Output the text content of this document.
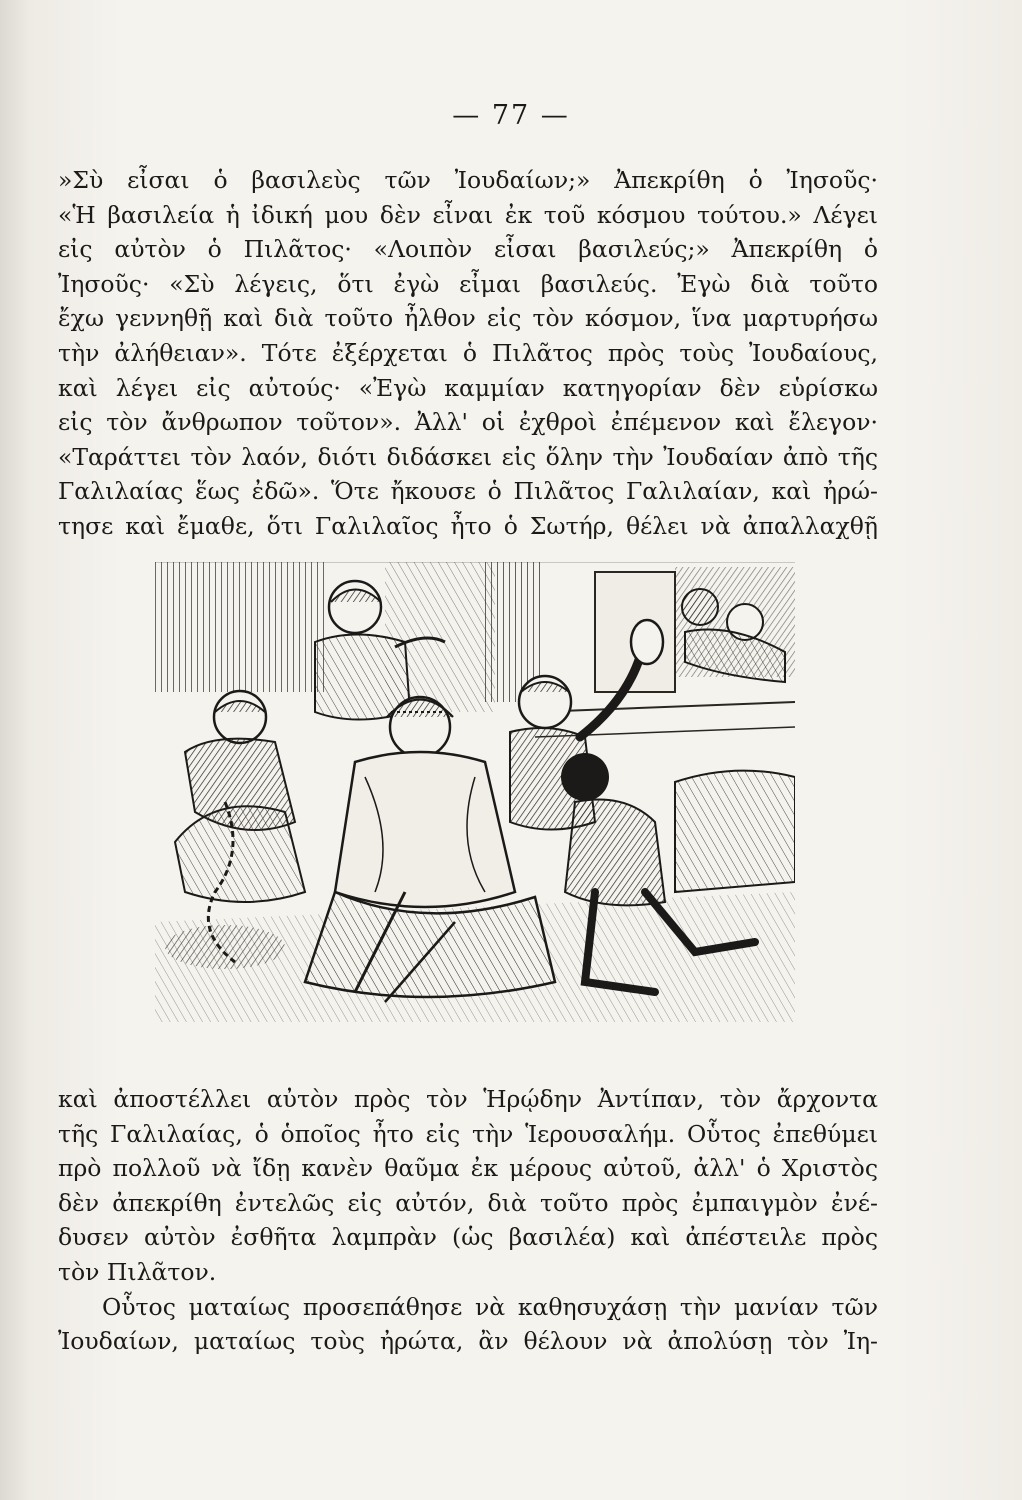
— 77 —
»Σὺ εἶσαι ὁ βασιλεὺς τῶν Ἰουδαίων;» Ἀπεκρίθη ὁ Ἰησοῦς·
«Ἡ βασιλεία ἡ ἰδική μου δὲν εἶναι ἐκ τοῦ κόσμου τούτου.» Λέγει
εἰς αὐτὸν ὁ Πιλᾶτος· «Λοιπὸν εἶσαι βασιλεύς;» Ἀπεκρίθη ὁ
Ἰησοῦς· «Σὺ λέγεις, ὅτι ἐγὼ εἶμαι βασιλεύς. Ἐγὼ διὰ τοῦτο
ἔχω γεννηθῇ καὶ διὰ τοῦτο ἦλθον εἰς τὸν κόσμον, ἵνα μαρτυρήσω
τὴν ἀλήθειαν». Τότε ἐξέρχεται ὁ Πιλᾶτος πρὸς τοὺς Ἰουδαίους,
καὶ λέγει εἰς αὐτούς· «Ἐγὼ καμμίαν κατηγορίαν δὲν εὑρίσκω
εἰς τὸν ἄνθρωπον τοῦτον». Ἀλλ' οἱ ἐχθροὶ ἐπέμενον καὶ ἔλεγον·
«Ταράττει τὸν λαόν, διότι διδάσκει εἰς ὅλην τὴν Ἰουδαίαν ἀπὸ τῆς
Γαλιλαίας ἕως ἐδῶ». Ὅτε ἤκουσε ὁ Πιλᾶτος Γαλιλαίαν, καὶ ἠρώ-
τησε καὶ ἔμαθε, ὅτι Γαλιλαῖος ἦτο ὁ Σωτήρ, θέλει νὰ ἀπαλλαχθῇ
καὶ ἀποστέλλει αὐτὸν πρὸς τὸν Ἡρῴδην Ἀντίπαν, τὸν ἄρχοντα
τῆς Γαλιλαίας, ὁ ὁποῖος ἦτο εἰς τὴν Ἱερουσαλήμ. Οὗτος ἐπεθύμει
πρὸ πολλοῦ νὰ ἴδῃ κανὲν θαῦμα ἐκ μέρους αὐτοῦ, ἀλλ' ὁ Χριστὸς
δὲν ἀπεκρίθη ἐντελῶς εἰς αὐτόν, διὰ τοῦτο πρὸς ἐμπαιγμὸν ἐνέ-
δυσεν αὐτὸν ἐσθῆτα λαμπρὰν (ὡς βασιλέα) καὶ ἀπέστειλε πρὸς
τὸν Πιλᾶτον.
Οὗτος ματαίως προσεπάθησε νὰ καθησυχάσῃ τὴν μανίαν τῶν
Ἰουδαίων, ματαίως τοὺς ἠρώτα, ἂν θέλουν νὰ ἀπολύσῃ τὸν Ἰη-
